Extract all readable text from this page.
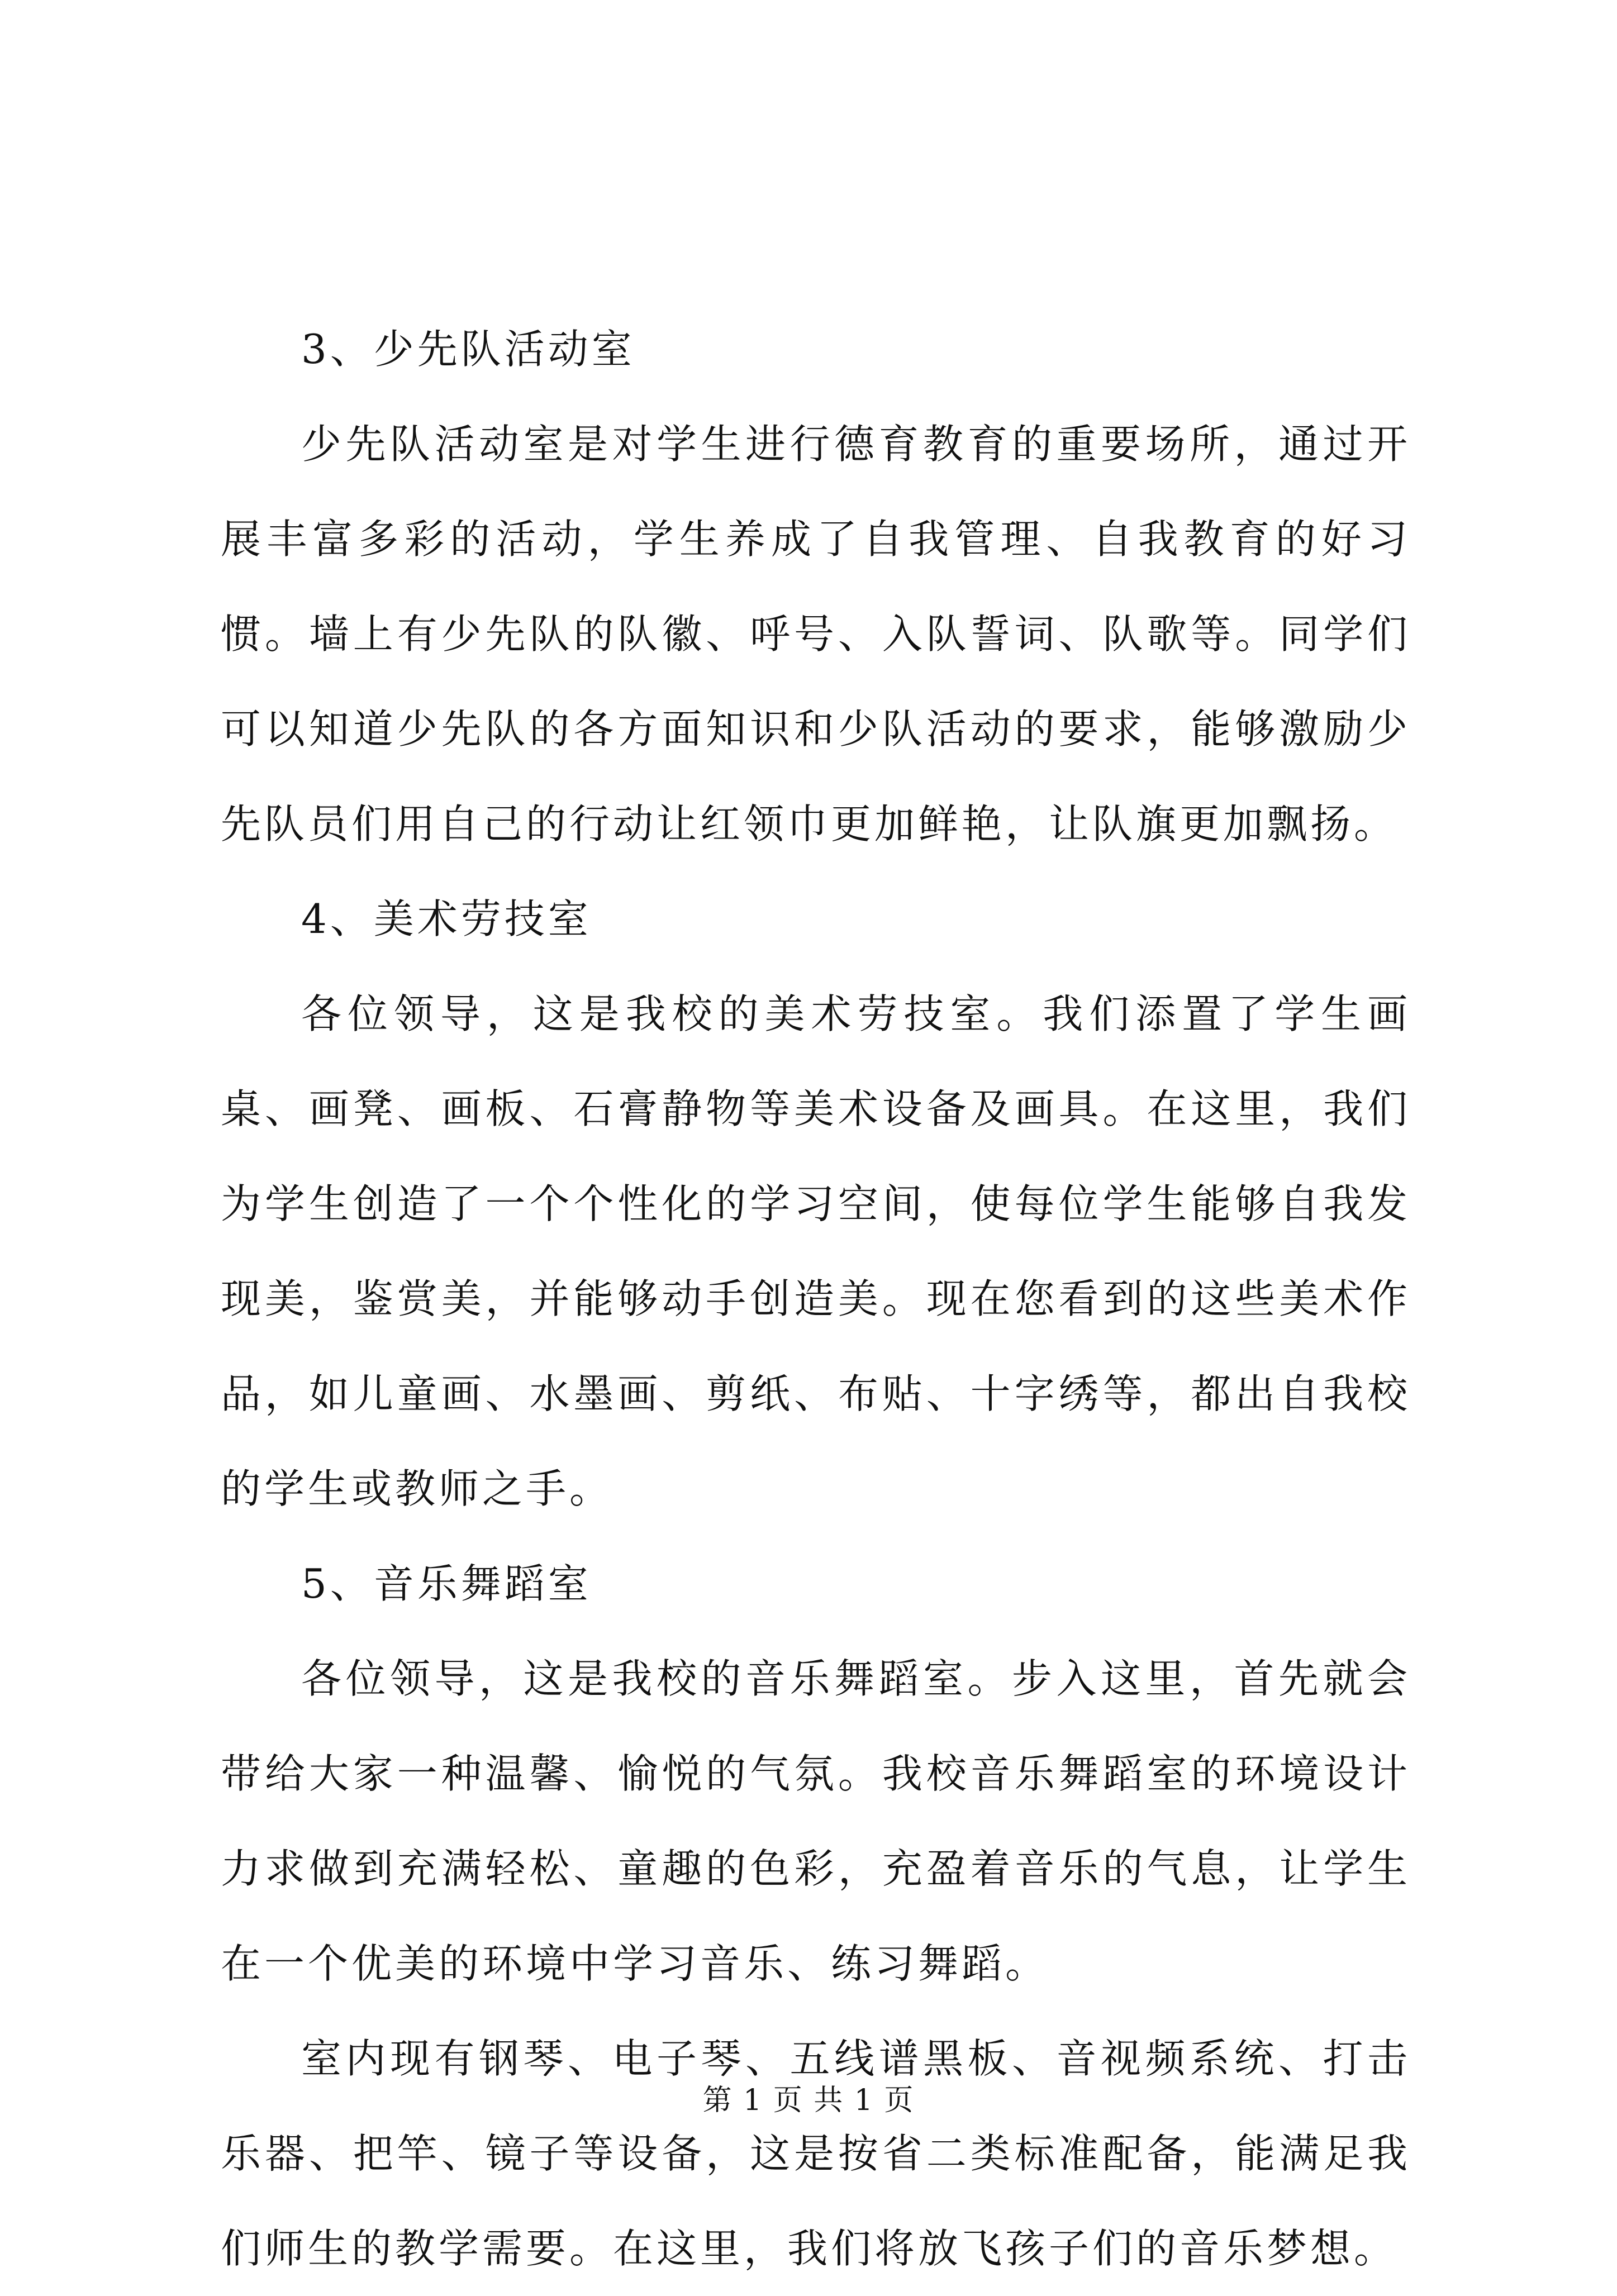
3、少先队活动室

少先队活动室是对学生进行德育教育的重要场所，通过开展丰富多彩的活动，学生养成了自我管理、自我教育的好习惯。墙上有少先队的队徽、呼号、入队誓词、队歌等。同学们可以知道少先队的各方面知识和少队活动的要求，能够激励少先队员们用自己的行动让红领巾更加鲜艳，让队旗更加飘扬。

4、美术劳技室

各位领导，这是我校的美术劳技室。我们添置了学生画桌、画凳、画板、石膏静物等美术设备及画具。在这里，我们为学生创造了一个个性化的学习空间，使每位学生能够自我发现美，鉴赏美，并能够动手创造美。现在您看到的这些美术作品，如儿童画、水墨画、剪纸、布贴、十字绣等，都出自我校的学生或教师之手。

5、音乐舞蹈室

各位领导，这是我校的音乐舞蹈室。步入这里，首先就会带给大家一种温馨、愉悦的气氛。我校音乐舞蹈室的环境设计力求做到充满轻松、童趣的色彩，充盈着音乐的气息，让学生在一个优美的环境中学习音乐、练习舞蹈。

室内现有钢琴、电子琴、五线谱黑板、音视频系统、打击乐器、把竿、镜子等设备，这是按省二类标准配备，能满足我们师生的教学需要。在这里，我们将放飞孩子们的音乐梦想。

第 1 页 共 1 页
